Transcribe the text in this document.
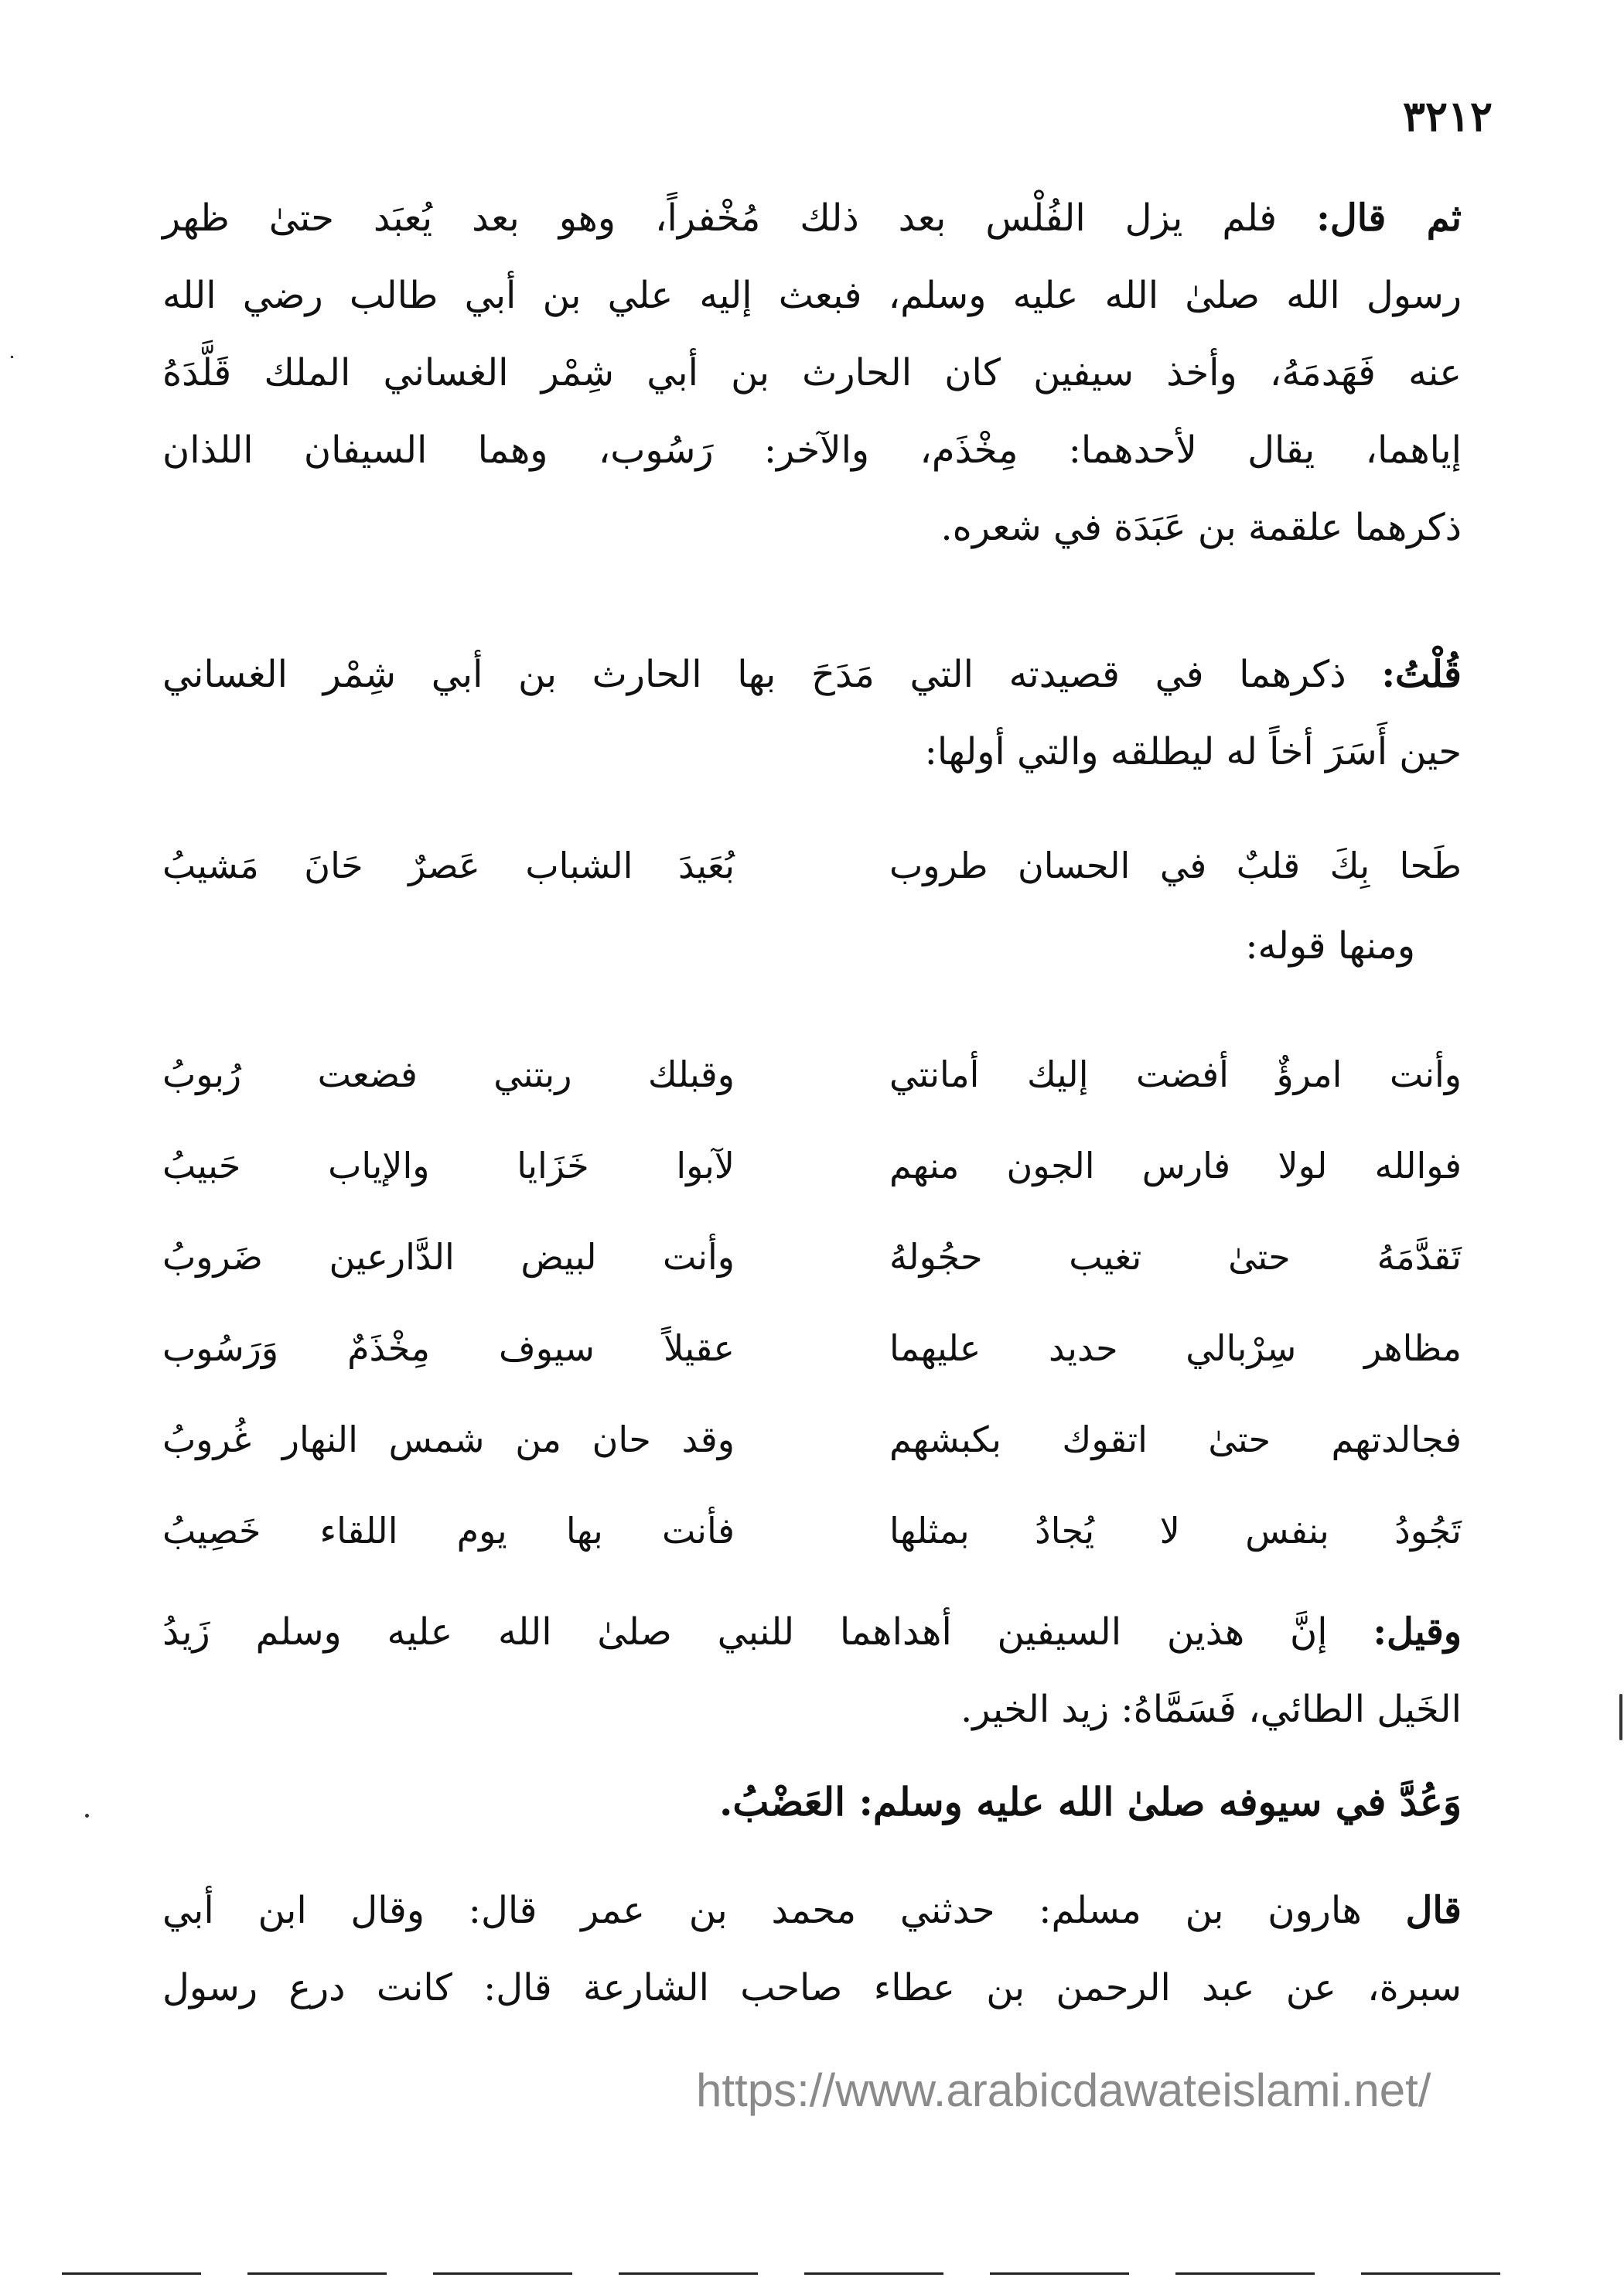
٣٢١٢
ثم قال: فلم يزل الفُلْس بعد ذلك مُخْفراً، وهو بعد يُعبَد حتىٰ ظهر
رسول الله صلىٰ الله عليه وسلم، فبعث إليه علي بن أبي طالب رضي الله
عنه فَهَدمَهُ، وأخذ سيفين كان الحارث بن أبي شِمْر الغساني الملك قَلَّدَهُ
إياهما، يقال لأحدهما: مِخْذَم، والآخر: رَسُوب، وهما السيفان اللذان
ذكرهما علقمة بن عَبَدَة في شعره.
قُلْتُ: ذكرهما في قصيدته التي مَدَحَ بها الحارث بن أبي شِمْر الغساني
حين أَسَرَ أخاً له ليطلقه والتي أولها:
طَحا بِكَ قلبٌ في الحسان طروب
بُعَيدَ الشباب عَصرٌ حَانَ مَشيبُ
ومنها قوله:
وأنت امرؤٌ أفضت إليك أمانتي
وقبلك ربتني فضعت رُبوبُ
فوالله لولا فارس الجون منهم
لآبوا خَزَايا والإياب حَبيبُ
تَقدَّمَهُ حتىٰ تغيب حجُولهُ
وأنت لبيض الدَّارعين ضَروبُ
مظاهر سِرْبالي حديد عليهما
عقيلاً سيوف مِخْذَمٌ وَرَسُوب
فجالدتهم حتىٰ اتقوك بكبشهم
وقد حان من شمس النهار غُروبُ
تَجُودُ بنفس لا يُجادُ بمثلها
فأنت بها يوم اللقاء خَصِيبُ
وقيل: إنَّ هذين السيفين أهداهما للنبي صلىٰ الله عليه وسلم زَيدُ
الخَيل الطائي، فَسَمَّاهُ: زيد الخير.
وَعُدَّ في سيوفه صلىٰ الله عليه وسلم: العَضْبُ.
قال هارون بن مسلم: حدثني محمد بن عمر قال: وقال ابن أبي
سبرة، عن عبد الرحمن بن عطاء صاحب الشارعة قال: كانت درع رسول
https://www.arabicdawateislami.net/
